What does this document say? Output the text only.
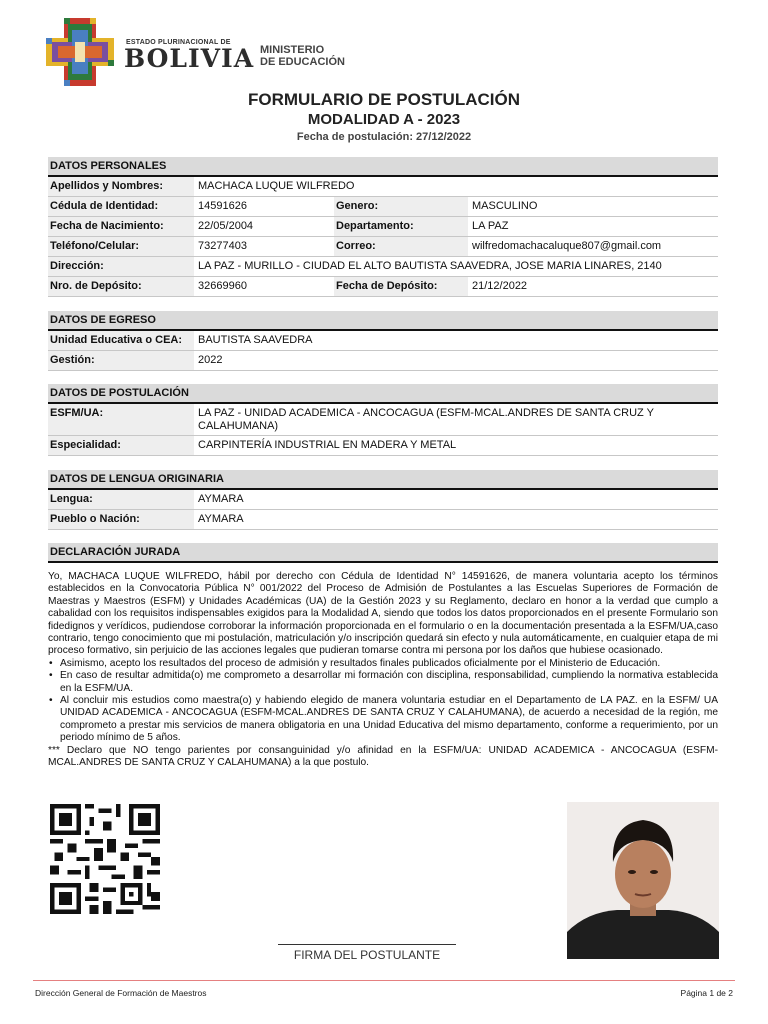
ESTADO PLURINACIONAL DE
BOLIVIA MINISTERIO
DE EDUCACIÓN
FORMULARIO DE POSTULACIÓN
MODALIDAD A - 2023
Fecha de postulación: 27/12/2022
DATOS PERSONALES
Apellidos y Nombres:	MACHACA LUQUE WILFREDO
Cédula de Identidad:	14591626	Genero:	MASCULINO
Fecha de Nacimiento:	22/05/2004	Departamento:	LA PAZ
Teléfono/Celular:	73277403	Correo:	wilfredomachacaluque807@gmail.com
Dirección:	LA PAZ - MURILLO - CIUDAD EL ALTO BAUTISTA SAAVEDRA, JOSE MARIA LINARES, 2140
Nro. de Depósito:	32669960	Fecha de Depósito:	21/12/2022
DATOS DE EGRESO
Unidad Educativa o CEA:	BAUTISTA SAAVEDRA
Gestión:	2022
DATOS DE POSTULACIÓN
ESFM/UA:	LA PAZ - UNIDAD ACADEMICA - ANCOCAGUA (ESFM-MCAL.ANDRES DE SANTA CRUZ Y CALAHUMANA)
Especialidad:	CARPINTERÍA INDUSTRIAL EN MADERA Y METAL
DATOS DE LENGUA ORIGINARIA
Lengua:	AYMARA
Pueblo o Nación:	AYMARA
DECLARACIÓN JURADA

Yo, MACHACA LUQUE WILFREDO, hábil por derecho con Cédula de Identidad N° 14591626, de manera voluntaria acepto los términos establecidos en la Convocatoria Pública N° 001/2022 del Proceso de Admisión de Postulantes a las Escuelas Superiores de Formación de Maestras y Maestros (ESFM) y Unidades Académicas (UA) de la Gestión 2023 y su Reglamento, declaro en honor a la verdad que cumplo a cabalidad con los requisitos indispensables exigidos para la Modalidad A, siendo que todos los datos proporcionados en el presente Formulario son fidedignos y verídicos, pudiendose corroborar la información proporcionada en el formulario o en la documentación presentada a la ESFM/UA,caso contrario, tengo conocimiento que mi postulación, matriculación y/o inscripción quedará sin efecto y nula automáticamente, en cualquier etapa de mi proceso formativo, sin perjuicio de las acciones legales que pudieran tomarse contra mi persona por los daños que hubiese ocasionado.

• Asimismo, acepto los resultados del proceso de admisión y resultados finales publicados oficialmente por el Ministerio de Educación.
• En caso de resultar admitida(o) me comprometo a desarrollar mi formación con disciplina, responsabilidad, cumpliendo la normativa establecida en la ESFM/UA.
• Al concluir mis estudios como maestra(o) y habiendo elegido de manera voluntaria estudiar en el Departamento de LA PAZ. en la ESFM/ UA UNIDAD ACADEMICA - ANCOCAGUA (ESFM-MCAL.ANDRES DE SANTA CRUZ Y CALAHUMANA), de acuerdo a necesidad de la región, me comprometo a prestar mis servicios de manera obligatoria en una Unidad Educativa del mismo departamento, conforme a requerimiento, por un periodo mínimo de 5 años.

*** Declaro que NO tengo parientes por consanguinidad y/o afinidad en la ESFM/UA: UNIDAD ACADEMICA - ANCOCAGUA (ESFM-MCAL.ANDRES DE SANTA CRUZ Y CALAHUMANA) a la que postulo.

FIRMA DEL POSTULANTE
Dirección General de Formación de Maestros	Página 1 de 2
